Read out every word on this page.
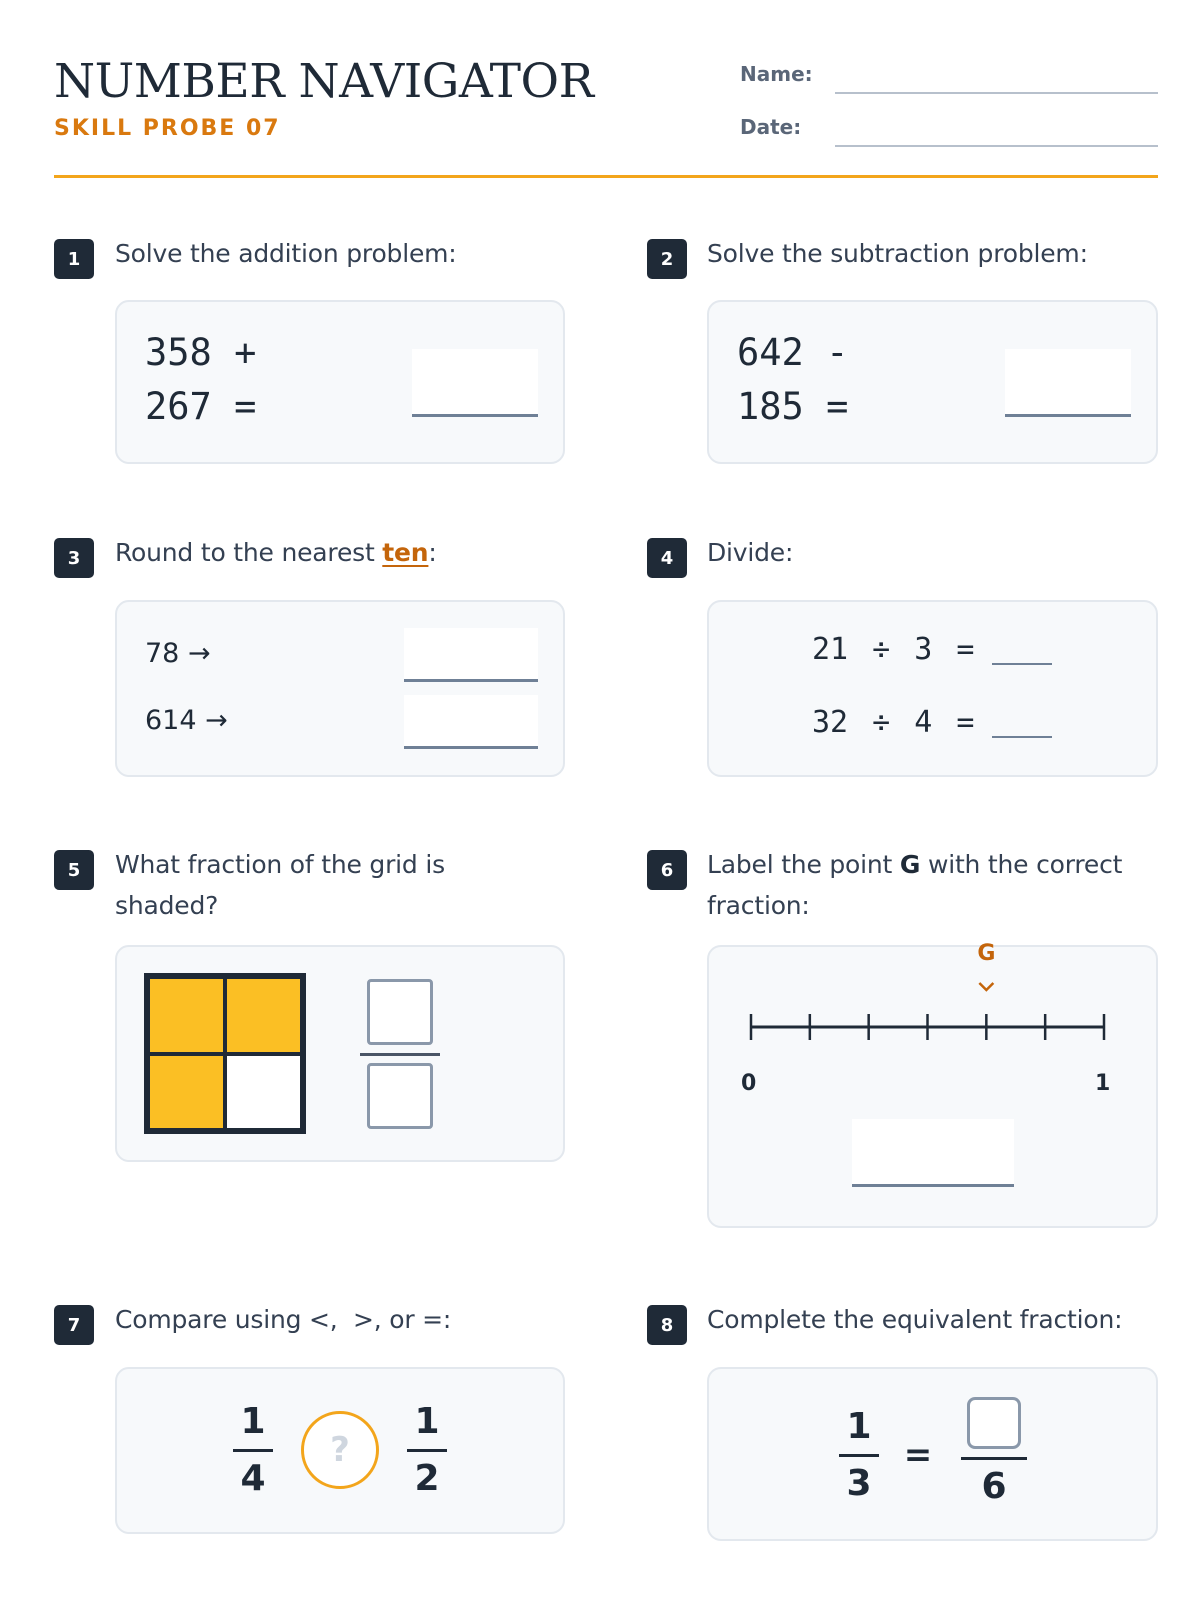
NUMBER NAVIGATOR
SKILL PROBE 07
Name:
Date:
1	Solve the addition problem:
358 +
267 =
2	Solve the subtraction problem:
642 -
185 =
3	Round to the nearest ten:
78 →
614 →
4	Divide:
21 ÷ 3 =
32 ÷ 4 =
5	What fraction of the grid is shaded?
6	Label the point G with the correct fraction:
G
0	1
7	Compare using <,  >, or =:
1
4
?
1
2
8	Complete the equivalent fraction:
1
3
=
6
